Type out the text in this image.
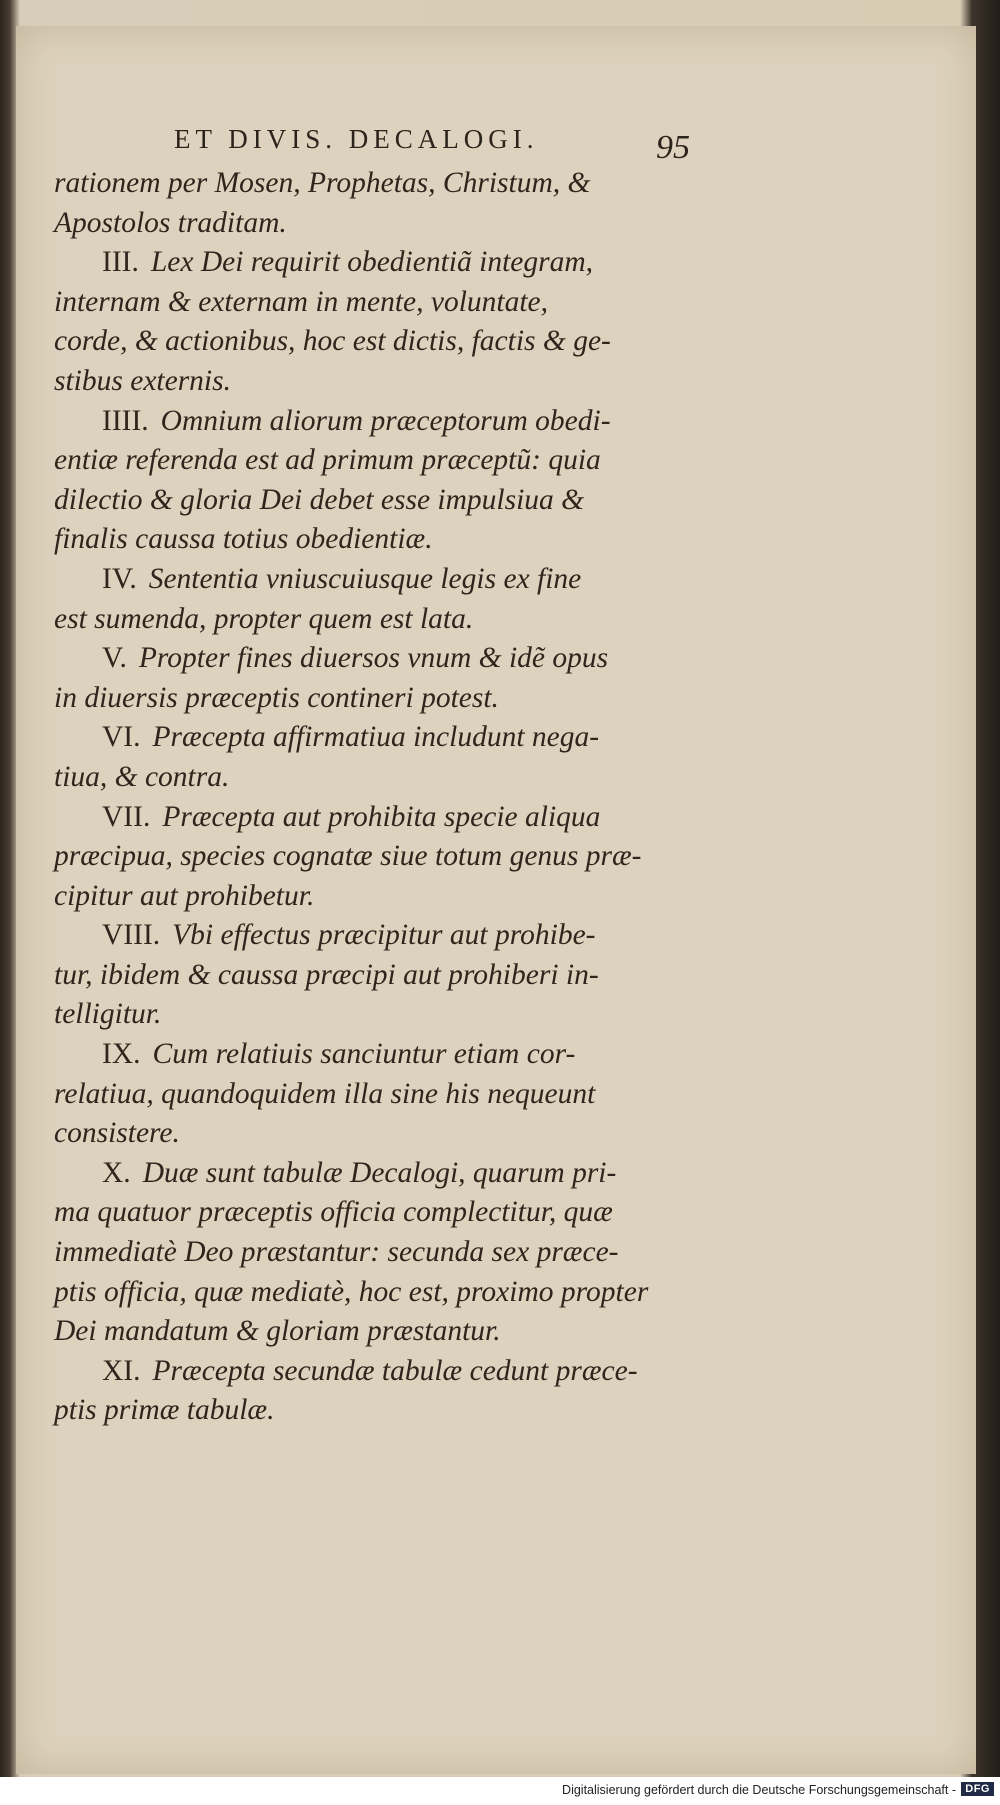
ET DIVIS. DECALOGI.	95
rationem per Mosen, Prophetas, Christum, &
Apostolos traditam.
III. Lex Dei requirit obedientiã integram,
internam & externam in mente, voluntate,
corde, & actionibus, hoc est dictis, factis & ge-
stibus externis.
IIII. Omnium aliorum præceptorum obedi-
entiæ referenda est ad primum præceptũ: quia
dilectio & gloria Dei debet esse impulsiua &
finalis caussa totius obedientiæ.
IV. Sententia vniuscuiusque legis ex fine
est sumenda, propter quem est lata.
V. Propter fines diuersos vnum & idẽ opus
in diuersis præceptis contineri potest.
VI. Præcepta affirmatiua includunt nega-
tiua, & contra.
VII. Præcepta aut prohibita specie aliqua
præcipua, species cognatæ siue totum genus præ-
cipitur aut prohibetur.
VIII. Vbi effectus præcipitur aut prohibe-
tur, ibidem & caussa præcipi aut prohiberi in-
telligitur.
IX. Cum relatiuis sanciuntur etiam cor-
relatiua, quandoquidem illa sine his nequeunt
consistere.
X. Duæ sunt tabulæ Decalogi, quarum pri-
ma quatuor præceptis officia complectitur, quæ
immediatè Deo præstantur: secunda sex præce-
ptis officia, quæ mediatè, hoc est, proximo propter
Dei mandatum & gloriam præstantur.
XI. Præcepta secundæ tabulæ cedunt præce-
ptis primæ tabulæ.
Digitalisierung gefördert durch die Deutsche Forschungsgemeinschaft - DFG
